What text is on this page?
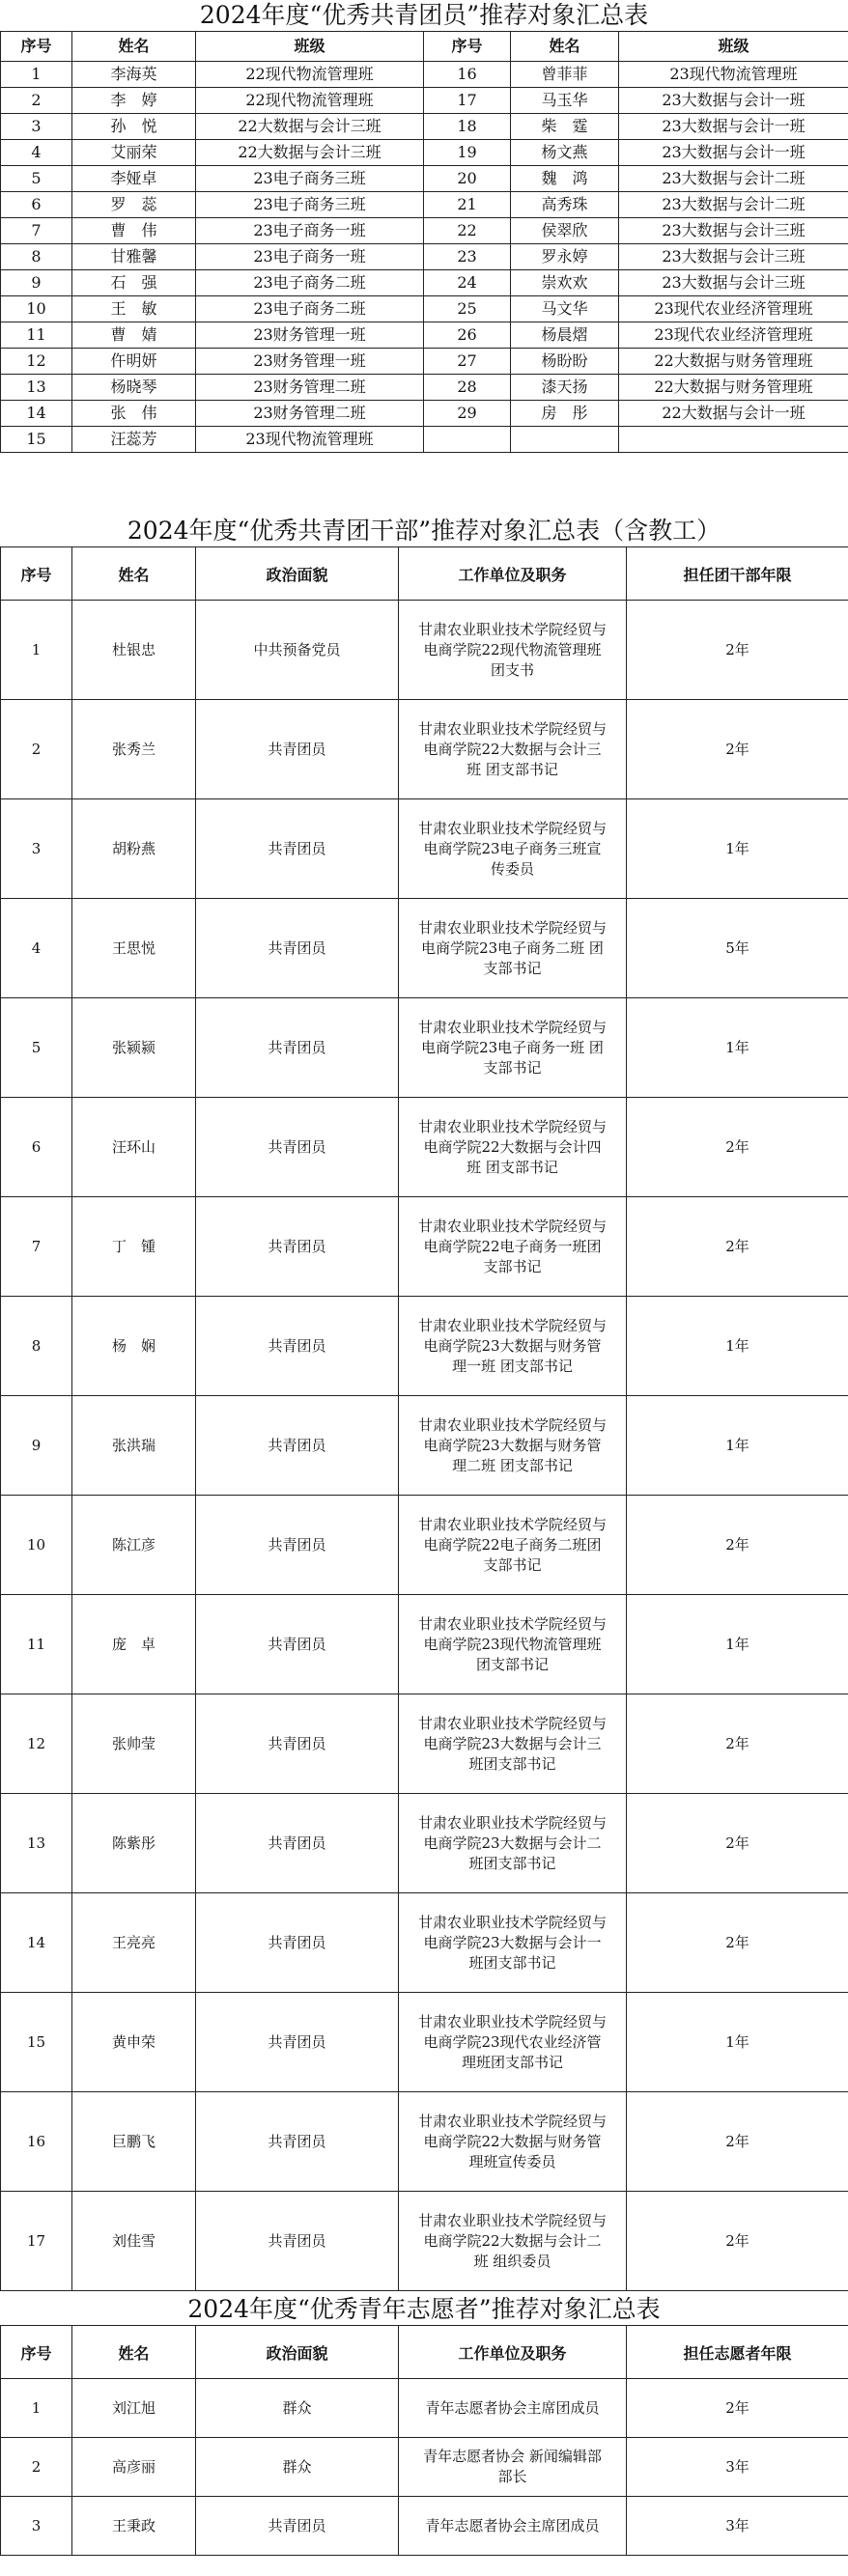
2024年度“优秀共青团员”推荐对象汇总表
序号	姓名	班级	序号	姓名	班级
1	李海英	22现代物流管理班	16	曾菲菲	23现代物流管理班
2	李　婷	22现代物流管理班	17	马玉华	23大数据与会计一班
3	孙　悦	22大数据与会计三班	18	柴　霆	23大数据与会计一班
4	艾丽荣	22大数据与会计三班	19	杨文燕	23大数据与会计一班
5	李娅卓	23电子商务三班	20	魏　鸿	23大数据与会计二班
6	罗　蕊	23电子商务三班	21	高秀珠	23大数据与会计二班
7	曹　伟	23电子商务一班	22	侯翠欣	23大数据与会计三班
8	甘雅馨	23电子商务一班	23	罗永婷	23大数据与会计三班
9	石　强	23电子商务二班	24	崇欢欢	23大数据与会计三班
10	王　敏	23电子商务二班	25	马文华	23现代农业经济管理班
11	曹　婧	23财务管理一班	26	杨晨熠	23现代农业经济管理班
12	仵明妍	23财务管理一班	27	杨盼盼	22大数据与财务管理班
13	杨晓琴	23财务管理二班	28	漆天扬	22大数据与财务管理班
14	张　伟	23财务管理二班	29	房　彤	22大数据与会计一班
15	汪蕊芳	23现代物流管理班			
2024年度“优秀共青团干部”推荐对象汇总表（含教工）
序号	姓名	政治面貌	工作单位及职务	担任团干部年限
1	杜银忠	中共预备党员	甘肃农业职业技术学院经贸与电商学院22现代物流管理班团支书	2年
2	张秀兰	共青团员	甘肃农业职业技术学院经贸与电商学院22大数据与会计三班 团支部书记	2年
3	胡粉燕	共青团员	甘肃农业职业技术学院经贸与电商学院23电子商务三班宣传委员	1年
4	王思悦	共青团员	甘肃农业职业技术学院经贸与电商学院23电子商务二班 团支部书记	5年
5	张颍颍	共青团员	甘肃农业职业技术学院经贸与电商学院23电子商务一班 团支部书记	1年
6	汪环山	共青团员	甘肃农业职业技术学院经贸与电商学院22大数据与会计四班 团支部书记	2年
7	丁　锺	共青团员	甘肃农业职业技术学院经贸与电商学院22电子商务一班团支部书记	2年
8	杨　娴	共青团员	甘肃农业职业技术学院经贸与电商学院23大数据与财务管理一班 团支部书记	1年
9	张洪瑞	共青团员	甘肃农业职业技术学院经贸与电商学院23大数据与财务管理二班 团支部书记	1年
10	陈江彦	共青团员	甘肃农业职业技术学院经贸与电商学院22电子商务二班团支部书记	2年
11	庞　卓	共青团员	甘肃农业职业技术学院经贸与电商学院23现代物流管理班团支部书记	1年
12	张帅莹	共青团员	甘肃农业职业技术学院经贸与电商学院23大数据与会计三班团支部书记	2年
13	陈紫彤	共青团员	甘肃农业职业技术学院经贸与电商学院23大数据与会计二班团支部书记	2年
14	王亮亮	共青团员	甘肃农业职业技术学院经贸与电商学院23大数据与会计一班团支部书记	2年
15	黄申荣	共青团员	甘肃农业职业技术学院经贸与电商学院23现代农业经济管理班团支部书记	1年
16	巨鹏飞	共青团员	甘肃农业职业技术学院经贸与电商学院22大数据与财务管理班宣传委员	2年
17	刘佳雪	共青团员	甘肃农业职业技术学院经贸与电商学院22大数据与会计二班 组织委员	2年
2024年度“优秀青年志愿者”推荐对象汇总表
序号	姓名	政治面貌	工作单位及职务	担任志愿者年限
1	刘江旭	群众	青年志愿者协会主席团成员	2年
2	高彦丽	群众	青年志愿者协会 新闻编辑部部长	3年
3	王秉政	共青团员	青年志愿者协会主席团成员	3年
